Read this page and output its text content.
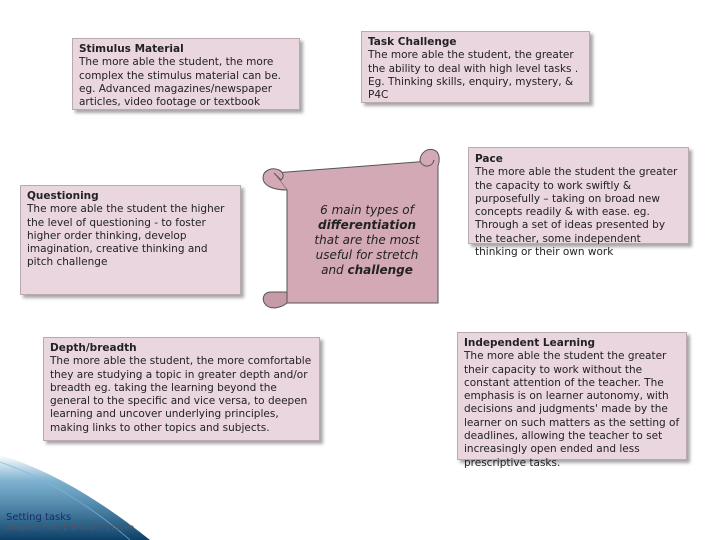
Stimulus Material
The more able the student, the more complex the stimulus material can be. eg. Advanced magazines/newspaper articles, video footage or textbook
Task Challenge
The more able the student, the greater the ability to deal with high level tasks . Eg. Thinking skills, enquiry, mystery, & P4C
Questioning
The more able the student the higher the level of questioning - to foster higher order thinking, develop imagination, creative thinking and pitch challenge
Pace
The more able the student the greater the capacity to work swiftly & purposefully – taking on broad new concepts readily & with ease. eg. Through a set of ideas presented by the teacher, some independent thinking or their own work
Depth/breadth
The more able the student, the more comfortable they are studying a topic in greater depth and/or breadth eg. taking the learning beyond the general to the specific and vice versa, to deepen learning and uncover underlying principles, making links to other topics and subjects.
Independent Learning
The more able the student the greater their capacity to work without the constant attention of the teacher. The emphasis is on learner autonomy, with decisions and judgments' made by the learner on such matters as the setting of deadlines, allowing the teacher to set increasingly open ended and less prescriptive tasks.
6 main types of
differentiation
that are the most useful for stretch and challenge
Setting tasks
Adapted from E Brin & S Craven
